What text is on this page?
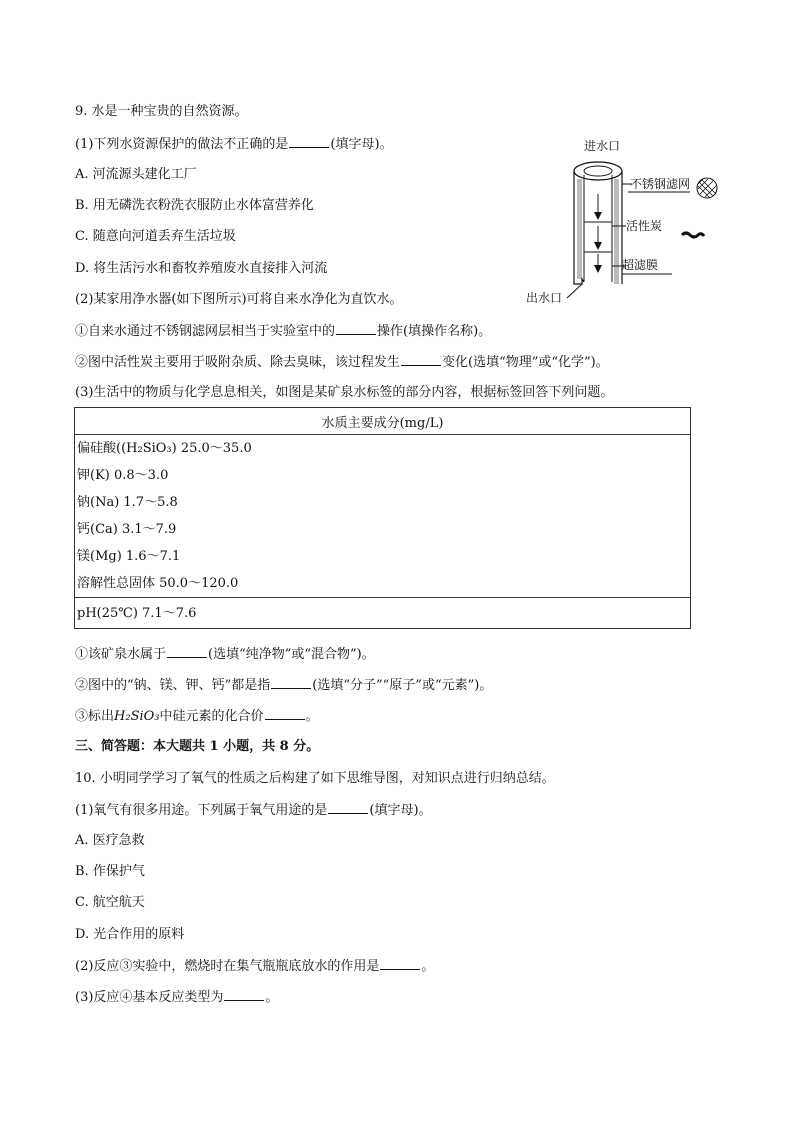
9. 水是一种宝贵的自然资源。
(1)下列水资源保护的做法不正确的是	(填字母)。
A. 河流源头建化工厂
B. 用无磷洗衣粉洗衣服防止水体富营养化
C. 随意向河道丢弃生活垃圾
D. 将生活污水和畜牧养殖废水直接排入河流
(2)某家用净水器(如下图所示)可将自来水净化为直饮水。
①自来水通过不锈钢滤网层相当于实验室中的	操作(填操作名称)。
②图中活性炭主要用于吸附杂质、除去臭味，该过程发生	变化(选填“物理”或“化学”)。
(3)生活中的物质与化学息息相关，如图是某矿泉水标签的部分内容，根据标签回答下列问题。
进水口
出水口
不锈钢滤网
活性炭
超滤膜
水质主要成分(mg/L)

偏硅酸((H₂SiO₃) 25.0～35.0
钾(K) 0.8～3.0
钠(Na) 1.7～5.8
钙(Ca) 3.1～7.9
镁(Mg) 1.6～7.1
溶解性总固体 50.0～120.0

pH(25℃) 7.1～7.6
①该矿泉水属于	(选填“纯净物”或“混合物”)。
②图中的“钠、镁、钾、钙”都是指	(选填“分子”“原子”或“元素”)。
③标出H₂SiO₃中硅元素的化合价	。
三、简答题：本大题共 1 小题，共 8 分。
10. 小明同学学习了氧气的性质之后构建了如下思维导图，对知识点进行归纳总结。
(1)氧气有很多用途。下列属于氧气用途的是	(填字母)。
A. 医疗急救
B. 作保护气
C. 航空航天
D. 光合作用的原料
(2)反应③实验中，燃烧时在集气瓶瓶底放水的作用是	。
(3)反应④基本反应类型为	。
